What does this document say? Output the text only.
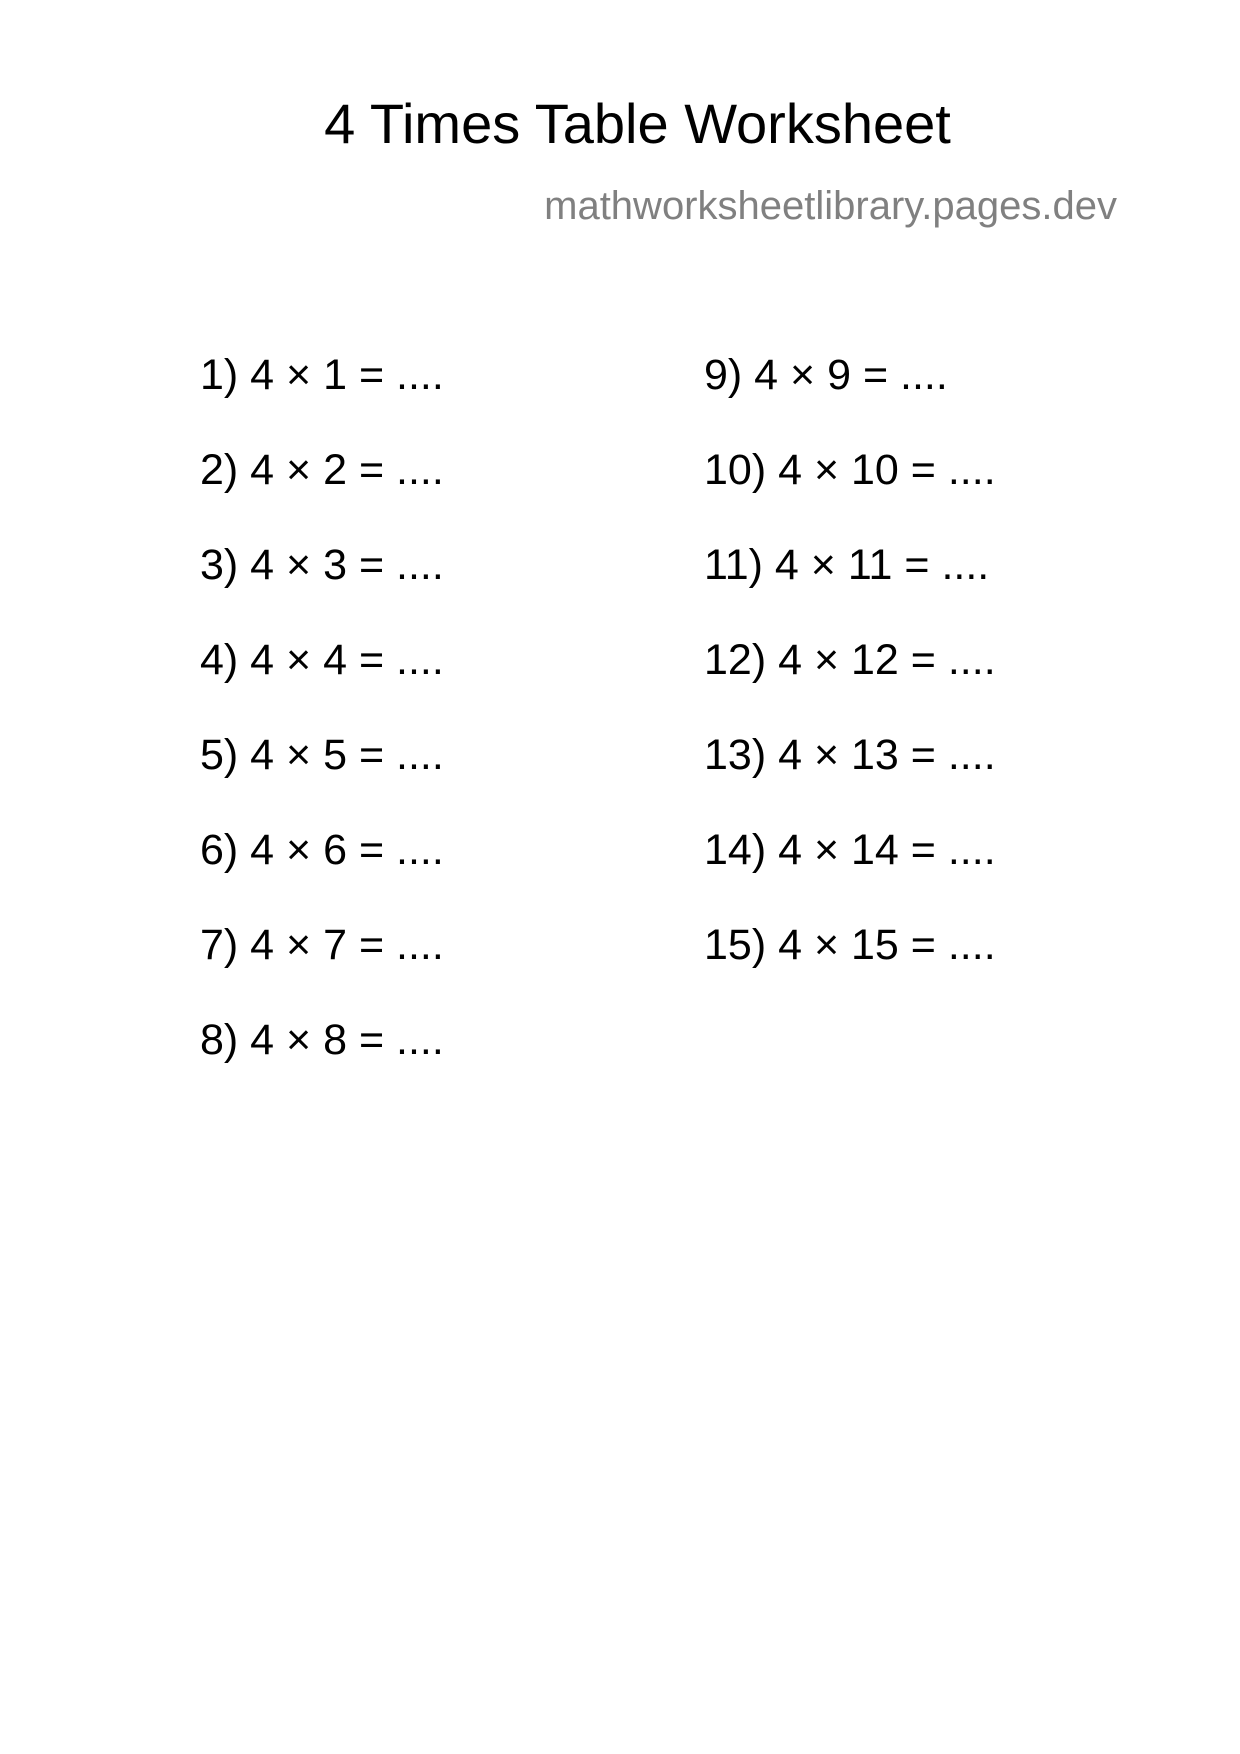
4 Times Table Worksheet
mathworksheetlibrary.pages.dev
1) 4 × 1 = ....
2) 4 × 2 = ....
3) 4 × 3 = ....
4) 4 × 4 = ....
5) 4 × 5 = ....
6) 4 × 6 = ....
7) 4 × 7 = ....
8) 4 × 8 = ....
9) 4 × 9 = ....
10) 4 × 10 = ....
11) 4 × 11 = ....
12) 4 × 12 = ....
13) 4 × 13 = ....
14) 4 × 14 = ....
15) 4 × 15 = ....
